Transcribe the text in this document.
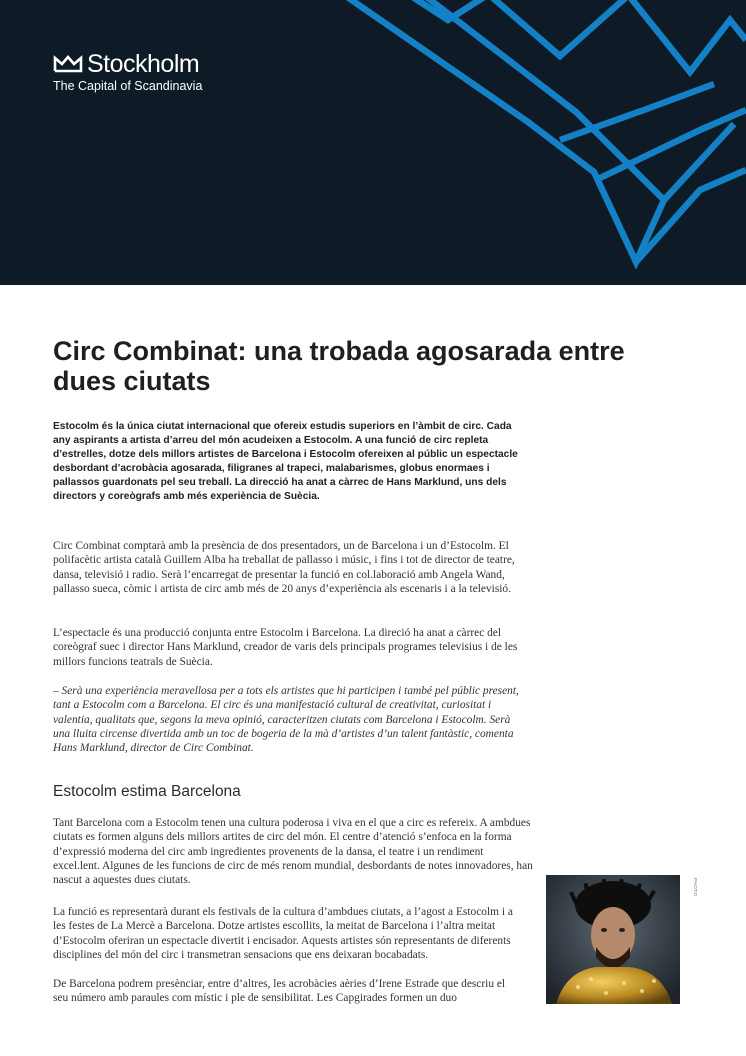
Stockholm
The Capital of Scandinavia
Circ Combinat: una trobada agosarada entre dues ciutats

Estocolm és la única ciutat internacional que ofereix estudis superiors en l’àmbit de circ. Cada any aspirants a artista d’arreu del món acudeixen a Estocolm. A una funció de circ repleta d’estrelles, dotze dels millors artistes de Barcelona i Estocolm ofereixen al públic un espectacle desbordant d’acrobàcia agosarada, filigranes al trapeci, malabarismes, globus enormaes i pallassos guardonats pel seu treball. La direcció ha anat a càrrec de Hans Marklund, uns dels directors y coreògrafs amb més experiència de Suècia.

Circ Combinat comptarà amb la presència de dos presentadors, un de Barcelona i un d’Estocolm. El polifacètic artista català Guillem Alba ha treballat de pallasso i músic, i fins i tot de director de teatre, dansa, televisió i radio. Serà l’encarregat de presentar la funció en col.laboració amb Angela Wand, pallasso sueca, còmic i artista de circ amb més de 20 anys d’experiència als escenaris i a la televisió.

L’espectacle és una producció conjunta entre Estocolm i Barcelona. La direció ha anat a càrrec del coreògraf suec i director Hans Marklund, creador de varis dels principals programes televisius i de les millors funcions teatrals de Suècia.

– Serà una experiència meravellosa per a tots els artistes que hi participen i també pel públic present, tant a Estocolm com a Barcelona. El circ és una manifestació cultural de creativitat, curiositat i valentia, qualitats que, segons la meva opinió, caracteritzen ciutats com Barcelona i Estocolm. Serà una lluita circense divertida amb un toc de bogeria de la mà d’artistes d’un talent fantàstic, comenta Hans Marklund, director de Circ Combinat.

Estocolm estima Barcelona

Tant Barcelona com a Estocolm tenen una cultura poderosa i viva en el que a circ es refereix. A ambdues ciutats es formen alguns dels millors artites de circ del món. El centre d’atenció s’enfoca en la forma d’expressió moderna del circ amb ingredientes provenents de la dansa, el teatre i un rendiment excel.lent. Algunes de les funcions de circ de més renom mundial, desbordants de notes innovadores, han nascut a aquestes dues ciutats.

La funció es representarà durant els festivals de la cultura d’ambdues ciutats, a l’agost a Estocolm i a les festes de La Mercè a Barcelona. Dotze artistes escollits, la meitat de Barcelona i l’altra meitat d’Estocolm oferiran un espectacle divertit i encisador. Aquests artistes són representants de diferents disciplines del món del circ i transmetran sensacions que ens deixaran bocabadats.

De Barcelona podrem presènciar, entre d’altres, les acrobàcies aèries d’Irene Estrade que descriu el seu número amb paraules com místic i ple de sensibilitat. Les Capgirades formen un duo

PHOTO
